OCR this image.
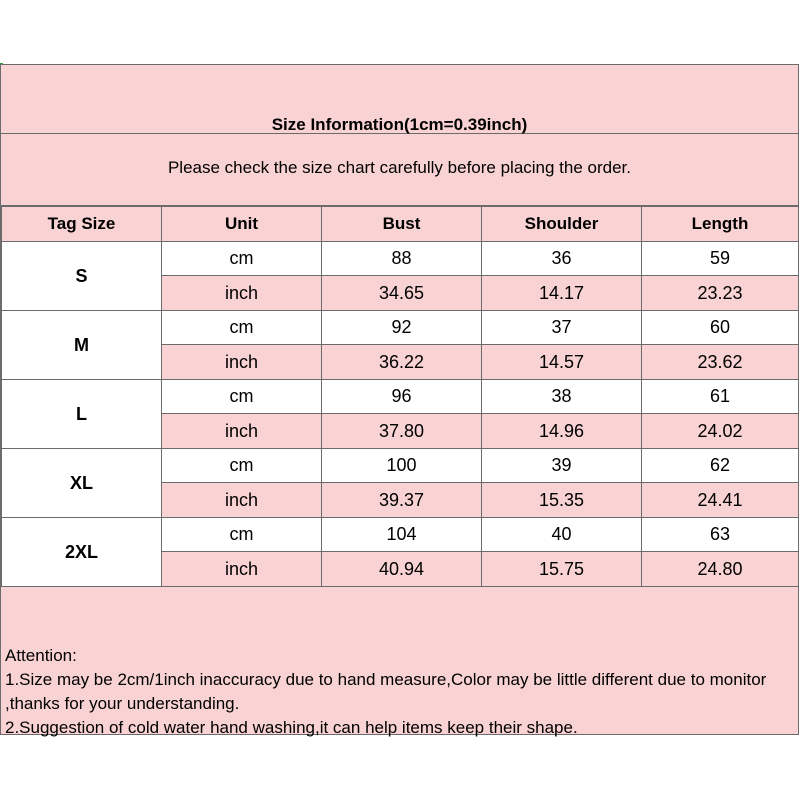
Size Information(1cm=0.39inch)
Please check the size chart carefully before placing the order.
Tag Size	Unit	Bust	Shoulder	Length
S	cm	88	36	59
	inch	34.65	14.17	23.23
M	cm	92	37	60
	inch	36.22	14.57	23.62
L	cm	96	38	61
	inch	37.80	14.96	24.02
XL	cm	100	39	62
	inch	39.37	15.35	24.41
2XL	cm	104	40	63
	inch	40.94	15.75	24.80
Attention:
1.Size may be 2cm/1inch inaccuracy due to hand measure,Color may be little different due to monitor ,thanks for your understanding.
2.Suggestion of cold water hand washing,it can help items keep their shape.
